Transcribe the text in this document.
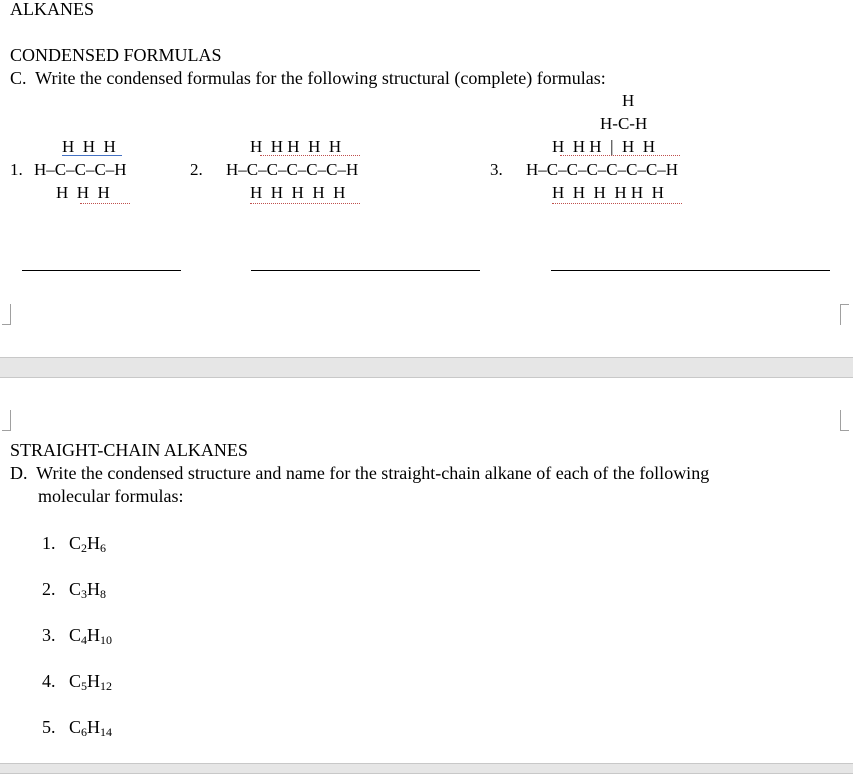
ALKANES
CONDENSED FORMULAS
C.  Write the condensed formulas for the following structural (complete) formulas:
H  H  H
1. H–C–C–C–H
H  H  H
H  H H  H  H
2. H–C–C–C–C–C–H
H  H  H  H  H
H
H-C-H
H  H H  |  H  H
3. H–C–C–C–C–C–C–H
H  H  H  H H  H
STRAIGHT-CHAIN ALKANES
D.  Write the condensed structure and name for the straight-chain alkane of each of the following
molecular formulas:
1. $C_2H_6$
2. $C_3H_8$
3. $C_4H_{10}$
4. $C_5H_{12}$
5. $C_6H_{14}$
